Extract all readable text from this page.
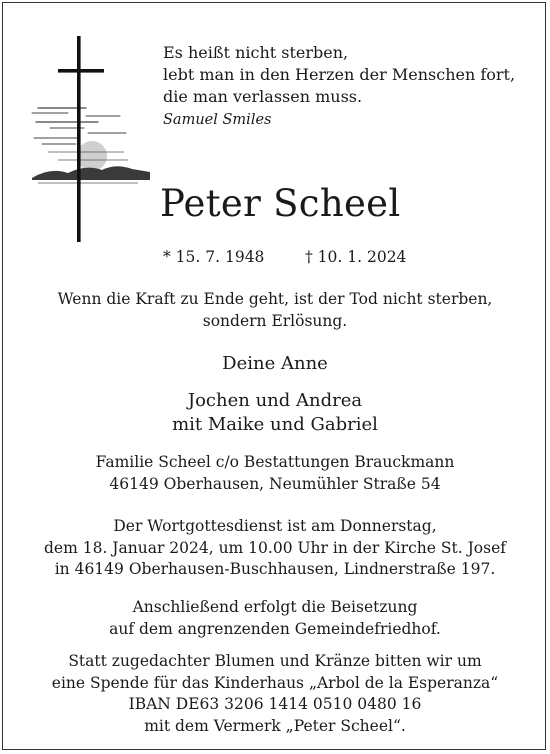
Es heißt nicht sterben,
lebt man in den Herzen der Menschen fort,
die man verlassen muss.
Samuel Smiles
Peter Scheel
* 15. 7. 1948	† 10. 1. 2024
Wenn die Kraft zu Ende geht, ist der Tod nicht sterben,
sondern Erlösung.
Deine Anne
Jochen und Andrea
mit Maike und Gabriel
Familie Scheel c/o Bestattungen Brauckmann
46149 Oberhausen, Neumühler Straße 54
Der Wortgottesdienst ist am Donnerstag,
dem 18. Januar 2024, um 10.00 Uhr in der Kirche St. Josef
in 46149 Oberhausen-Buschhausen, Lindnerstraße 197.
Anschließend erfolgt die Beisetzung
auf dem angrenzenden Gemeindefriedhof.
Statt zugedachter Blumen und Kränze bitten wir um
eine Spende für das Kinderhaus „Arbol de la Esperanza“
IBAN DE63 3206 1414 0510 0480 16
mit dem Vermerk „Peter Scheel“.
